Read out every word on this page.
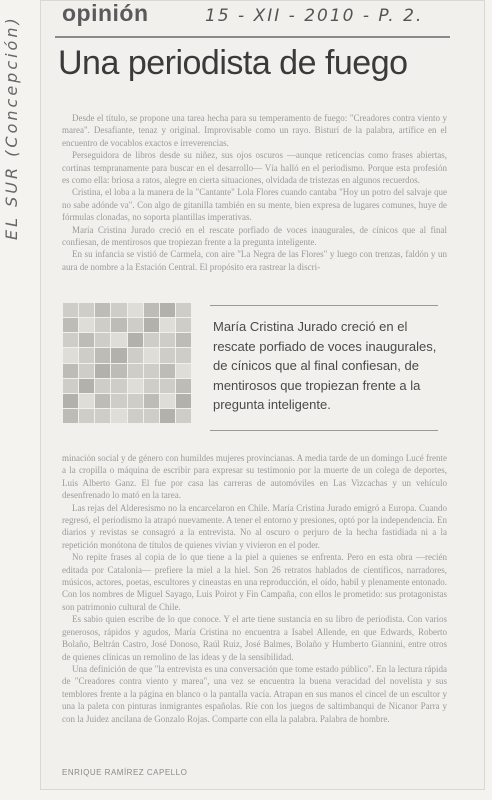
opinión	15 - XII - 2010 - P. 2.
EL SUR (Concepción) Una periodista de fuego

Desde el título, se propone una tarea hecha para su temperamento de fuego: "Creadores contra viento y marea". Desafiante, tenaz y original. Improvisable como un rayo. Bisturí de la palabra, artífice en el encuentro de vocablos exactos e irreverencias.

Perseguidora de libros desde su niñez, sus ojos oscuros —aunque reticencias como frases abiertas, cortinas tempranamente para buscar en el desarrollo— Vía halló en el periodismo. Porque esta profesión es como ella: briosa a ratos, alegre en cierta situaciones, olvidada de tristezas en algunos recuerdos.

Cristina, el loba a la manera de la "Cantante" Lola Flores cuando cantaba "Hoy un potro del salvaje que no sabe adónde va". Con algo de gitanilla también en su mente, bien expresa de lugares comunes, huye de fórmulas clonadas, no soporta plantillas imperativas.

María Cristina Jurado creció en el rescate porfiado de voces inaugurales, de cínicos que al final confiesan, de mentirosos que tropiezan frente a la pregunta inteligente.

En su infancia se vistió de Carmela, con aire "La Negra de las Flores" y luego con trenzas, faldón y un aura de nombre a la Estación Central. El propósito era rastrear la discri-

María Cristina Jurado creció en el rescate porfiado de voces inaugurales, de cínicos que al final confiesan, de mentirosos que tropiezan frente a la pregunta inteligente.

minación social y de género con humildes mujeres provincianas. A media tarde de un domingo Lucé frente a la cropilla o máquina de escribir para expresar su testimonio por la muerte de un colega de deportes, Luis Alberto Ganz. El fue por casa las carreras de automóviles en Las Vizcachas y un vehículo desenfrenado lo mató en la tarea.

Las rejas del Alderesismo no la encarcelaron en Chile. María Cristina Jurado emigró a Europa. Cuando regresó, el periodismo la atrapó nuevamente. A tener el entorno y presiones, optó por la independencia. En diarios y revistas se consagró a la entrevista. No al oscuro o perjuro de la hecha fastidiada ni a la repetición monótona de títulos de quienes vivían y vivieron en el poder.

No repite frases al copia de lo que tiene a la piel a quienes se enfrenta. Pero en esta obra —recién editada por Catalonia— prefiere la miel a la hiel. Son 26 retratos hablados de científicos, narradores, músicos, actores, poetas, escultores y cineastas en una reproducción, el oído, habil y plenamente entonado. Con los nombres de Miguel Sayago, Luis Poirot y Fin Campaña, con ellos le prometido: sus protagonistas son patrimonio cultural de Chile.

Es sabio quien escribe de lo que conoce. Y el arte tiene sustancia en su libro de periodista. Con varios generosos, rápidos y agudos, María Cristina no encuentra a Isabel Allende, en que Edwards, Roberto Bolaño, Beltrán Castro, José Donoso, Raúl Ruiz, José Balmes, Bolaño y Humberto Giannini, entre otros de quienes clínicas un remolino de las ideas y de la sensibilidad.

Una definición de que "la entrevista es una conversación que tome estado público". En la lectura rápida de "Creadores contra viento y marea", una vez se encuentra la buena veracidad del novelista y sus temblores frente a la página en blanco o la pantalla vacía. Atrapan en sus manos el cincel de un escultor y una la paleta con pinturas inmigrantes españolas. Ríe con los juegos de saltimbanqui de Nicanor Parra y con la Juidez ancilana de Gonzalo Rojas. Comparte con ella la palabra. Palabra de hombre.

ENRIQUE RAMÍREZ CAPELLO
